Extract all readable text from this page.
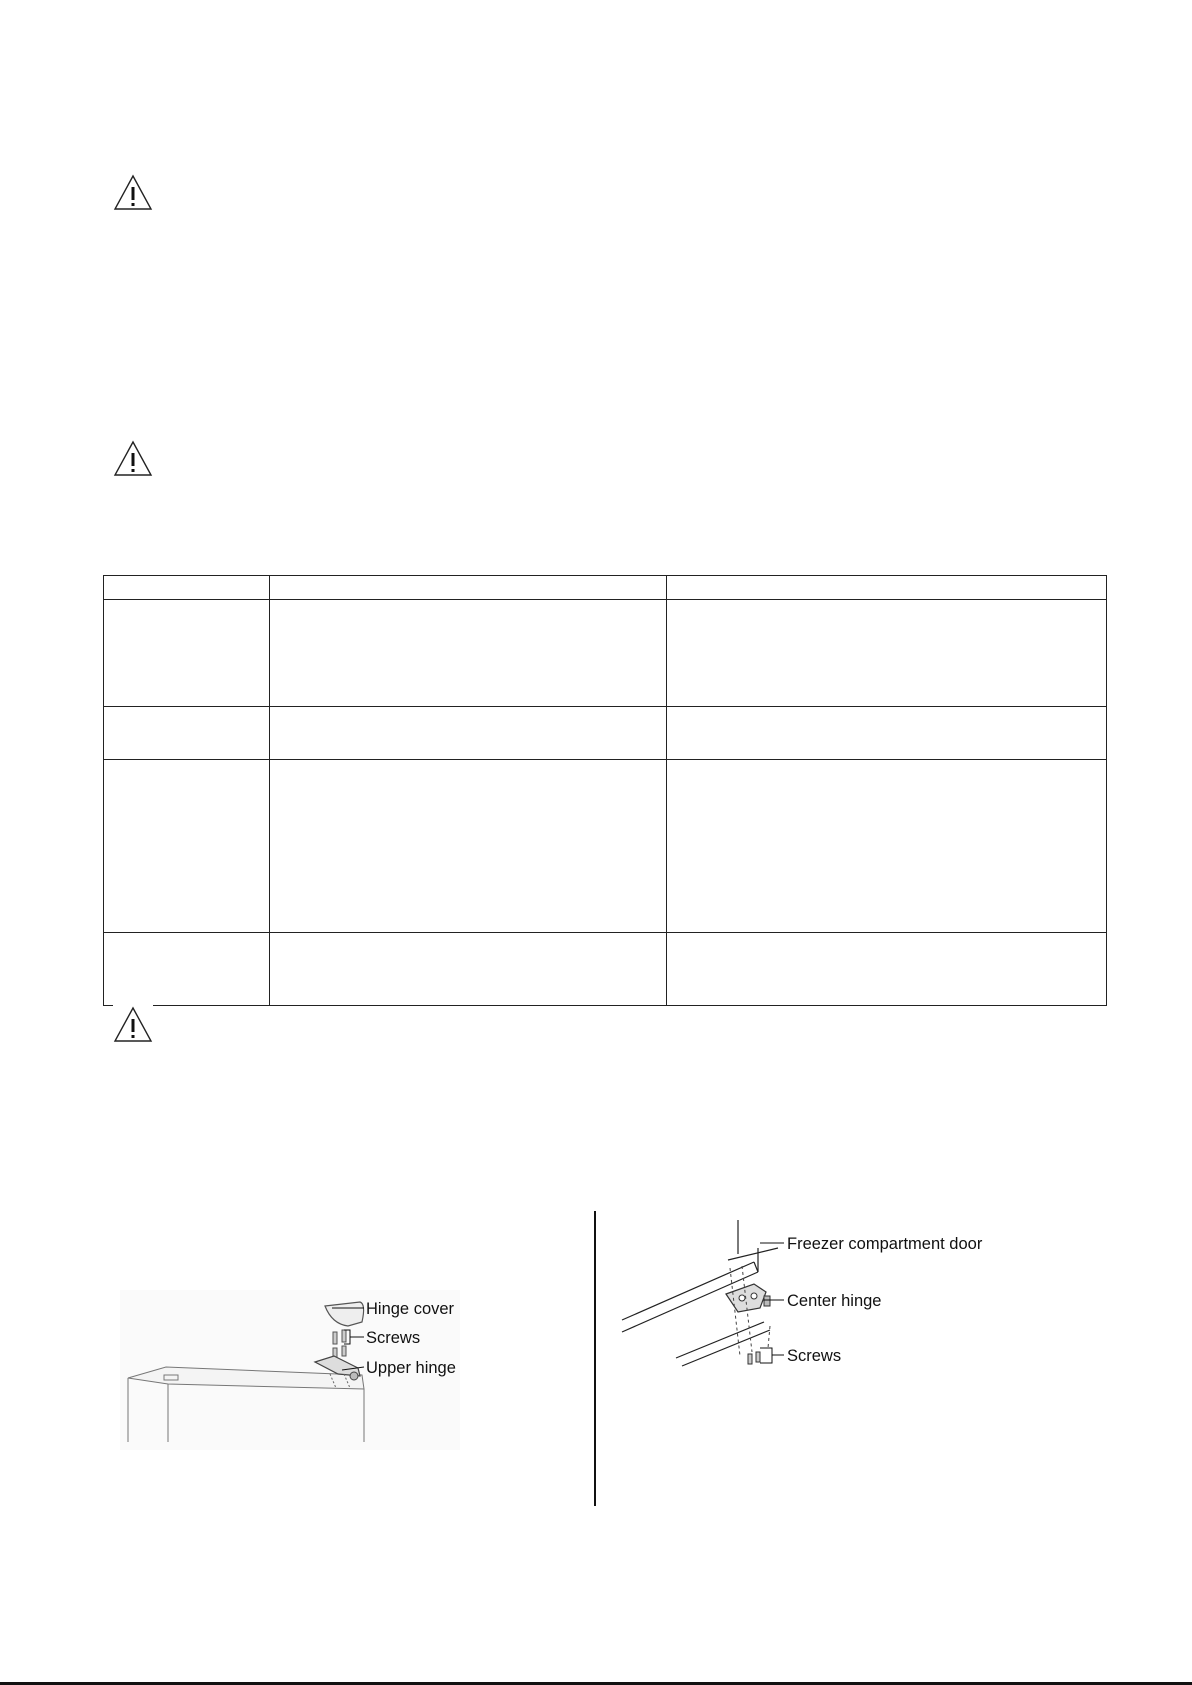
Hinge cover
Screws
Upper hinge
Freezer compartment door
Center hinge
Screws
